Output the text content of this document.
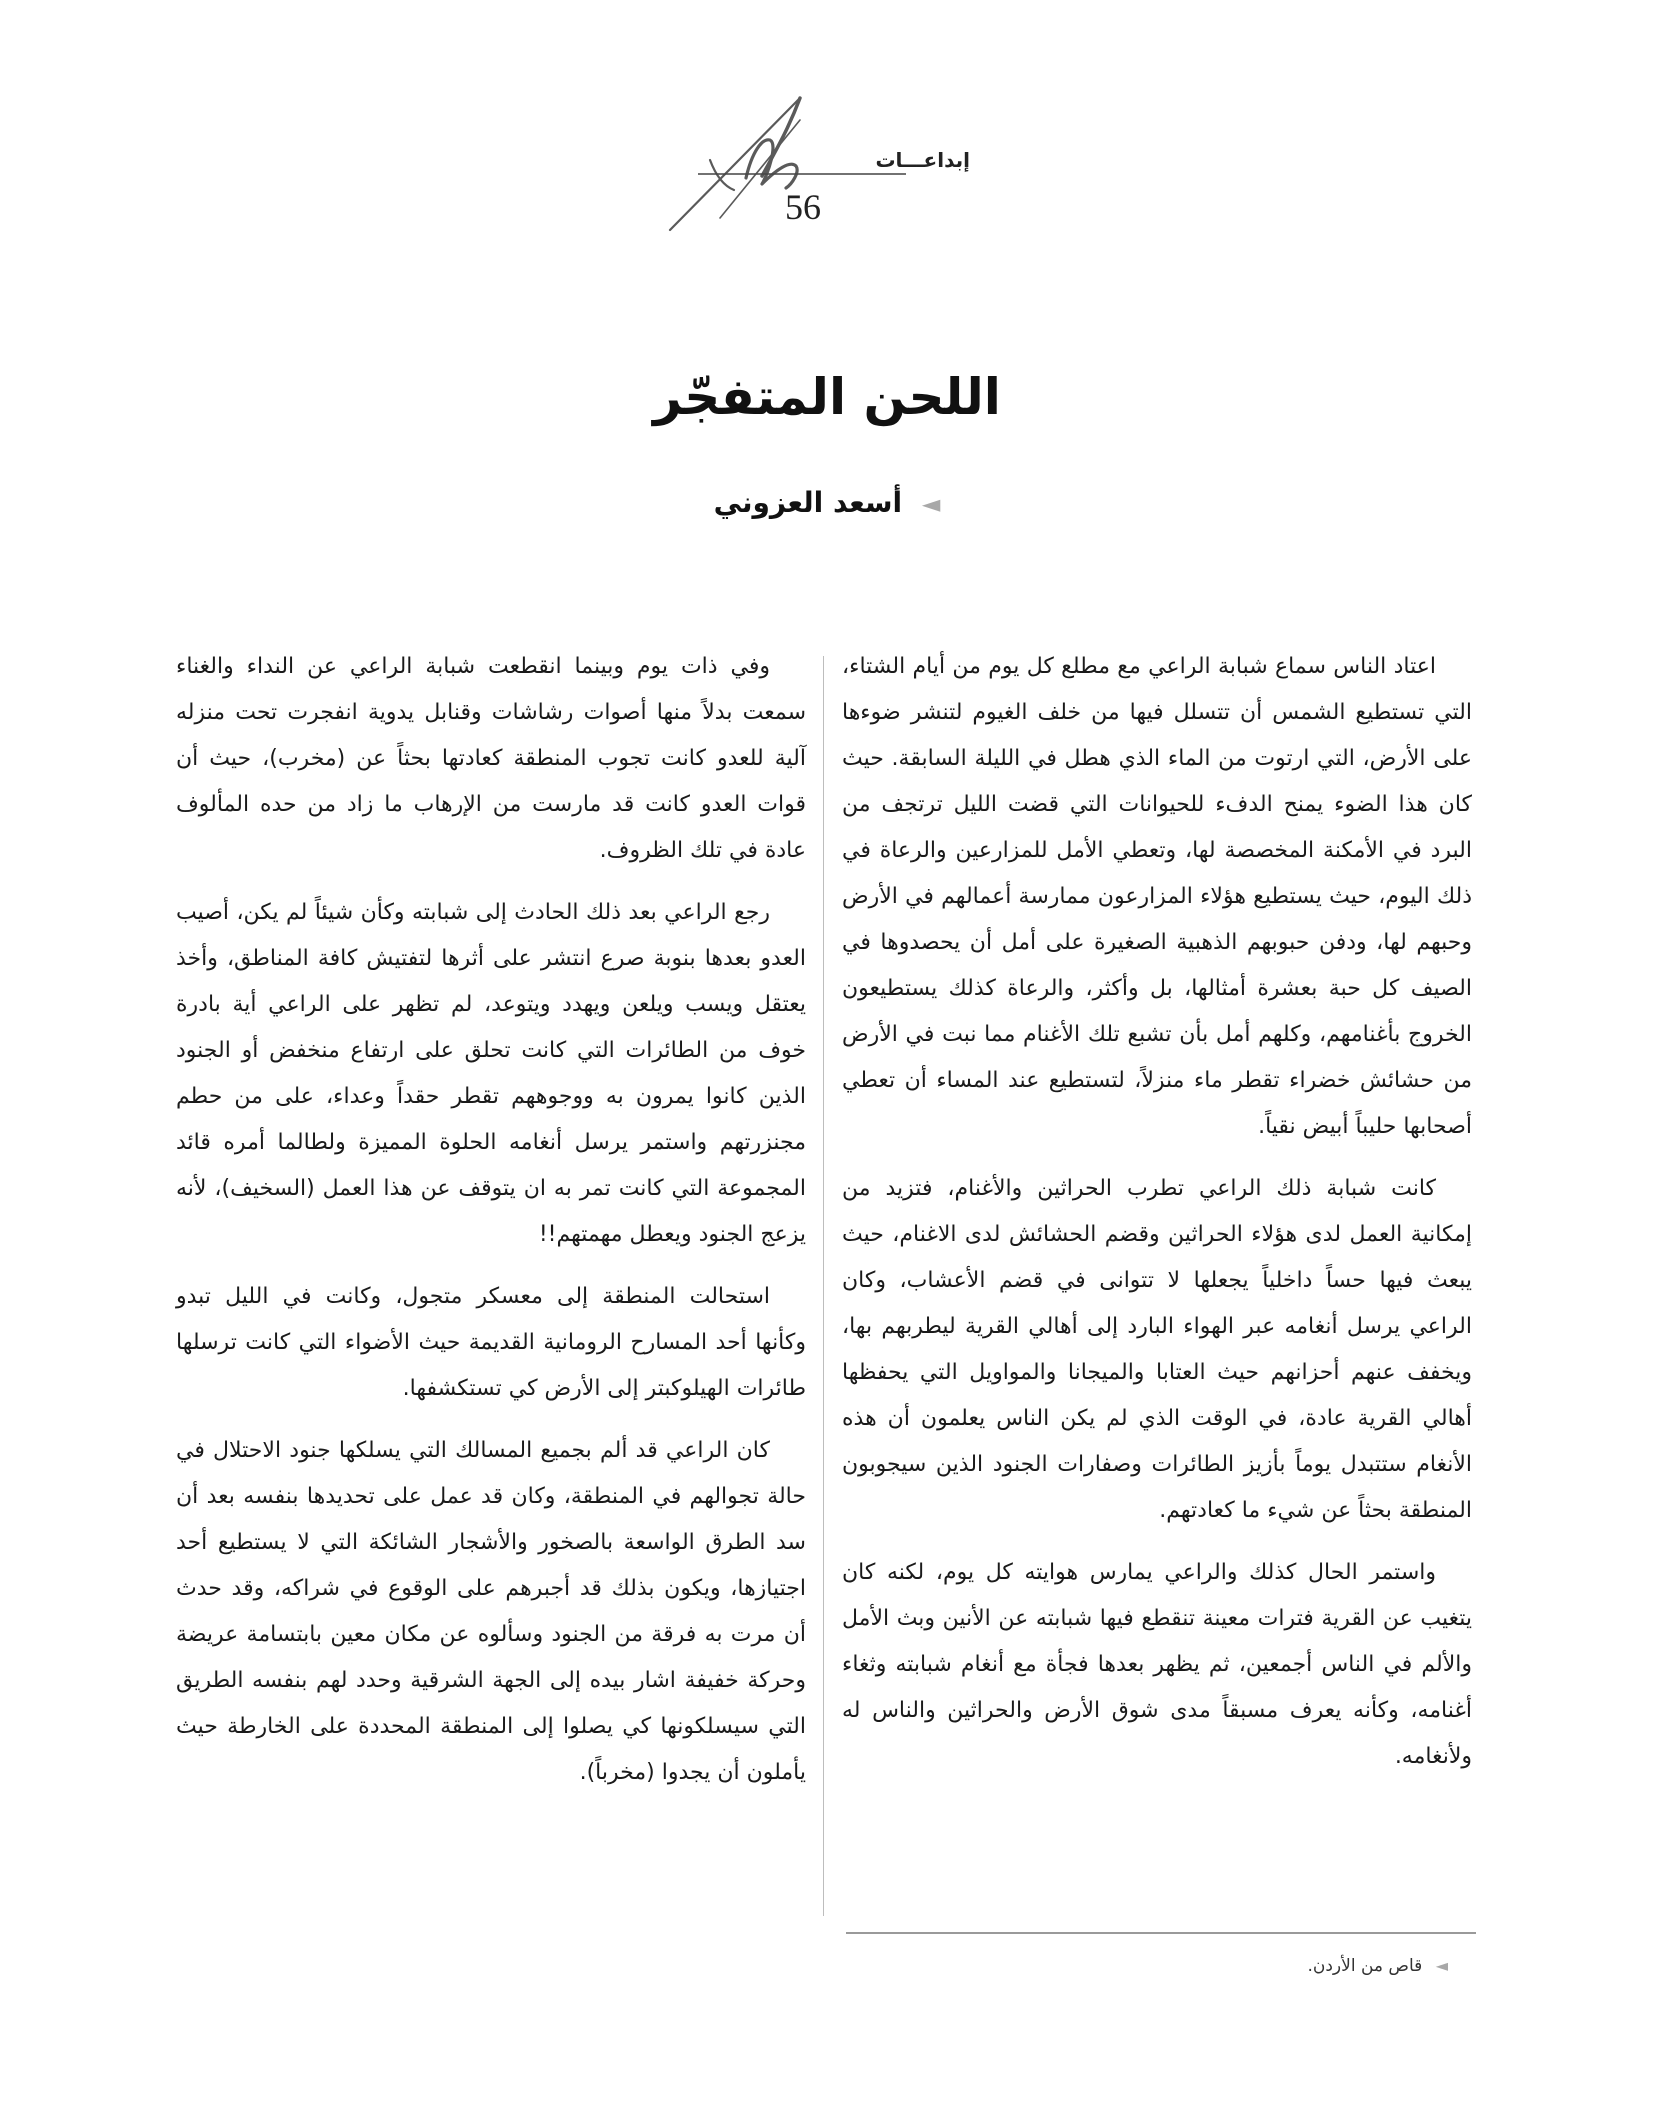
إبداعـــات
56
اللحن المتفجّر
◄ أسعد العزوني

اعتاد الناس سماع شبابة الراعي مع مطلع كل يوم من أيام الشتاء، التي تستطيع الشمس أن تتسلل فيها من خلف الغيوم لتنشر ضوءها على الأرض، التي ارتوت من الماء الذي هطل في الليلة السابقة. حيث كان هذا الضوء يمنح الدفء للحيوانات التي قضت الليل ترتجف من البرد في الأمكنة المخصصة لها، وتعطي الأمل للمزارعين والرعاة في ذلك اليوم، حيث يستطيع هؤلاء المزارعون ممارسة أعمالهم في الأرض وحبهم لها، ودفن حبوبهم الذهبية الصغيرة على أمل أن يحصدوها في الصيف كل حبة بعشرة أمثالها، بل وأكثر، والرعاة كذلك يستطيعون الخروج بأغنامهم، وكلهم أمل بأن تشبع تلك الأغنام مما نبت في الأرض من حشائش خضراء تقطر ماء منزلاً، لتستطيع عند المساء أن تعطي أصحابها حليباً أبيض نقياً.

كانت شبابة ذلك الراعي تطرب الحراثين والأغنام، فتزيد من إمكانية العمل لدى هؤلاء الحراثين وقضم الحشائش لدى الاغنام، حيث يبعث فيها حساً داخلياً يجعلها لا تتوانى في قضم الأعشاب، وكان الراعي يرسل أنغامه عبر الهواء البارد إلى أهالي القرية ليطربهم بها، ويخفف عنهم أحزانهم حيث العتابا والميجانا والمواويل التي يحفظها أهالي القرية عادة، في الوقت الذي لم يكن الناس يعلمون أن هذه الأنغام ستتبدل يوماً بأزيز الطائرات وصفارات الجنود الذين سيجوبون المنطقة بحثاً عن شيء ما كعادتهم.

واستمر الحال كذلك والراعي يمارس هوايته كل يوم، لكنه كان يتغيب عن القرية فترات معينة تنقطع فيها شبابته عن الأنين وبث الأمل والألم في الناس أجمعين، ثم يظهر بعدها فجأة مع أنغام شبابته وثغاء أغنامه، وكأنه يعرف مسبقاً مدى شوق الأرض والحراثين والناس له ولأنغامه.

وفي ذات يوم وبينما انقطعت شبابة الراعي عن النداء والغناء سمعت بدلاً منها أصوات رشاشات وقنابل يدوية انفجرت تحت منزله آلية للعدو كانت تجوب المنطقة كعادتها بحثاً عن (مخرب)، حيث أن قوات العدو كانت قد مارست من الإرهاب ما زاد من حده المألوف عادة في تلك الظروف.

رجع الراعي بعد ذلك الحادث إلى شبابته وكأن شيئاً لم يكن، أصيب العدو بعدها بنوبة صرع انتشر على أثرها لتفتيش كافة المناطق، وأخذ يعتقل ويسب ويلعن ويهدد ويتوعد، لم تظهر على الراعي أية بادرة خوف من الطائرات التي كانت تحلق على ارتفاع منخفض أو الجنود الذين كانوا يمرون به ووجوههم تقطر حقداً وعداء، على من حطم مجنزرتهم واستمر يرسل أنغامه الحلوة المميزة ولطالما أمره قائد المجموعة التي كانت تمر به ان يتوقف عن هذا العمل (السخيف)، لأنه يزعج الجنود ويعطل مهمتهم!!

استحالت المنطقة إلى معسكر متجول، وكانت في الليل تبدو وكأنها أحد المسارح الرومانية القديمة حيث الأضواء التي كانت ترسلها طائرات الهيلوكبتر إلى الأرض كي تستكشفها.

كان الراعي قد ألم بجميع المسالك التي يسلكها جنود الاحتلال في حالة تجوالهم في المنطقة، وكان قد عمل على تحديدها بنفسه بعد أن سد الطرق الواسعة بالصخور والأشجار الشائكة التي لا يستطيع أحد اجتيازها، ويكون بذلك قد أجبرهم على الوقوع في شراكه، وقد حدث أن مرت به فرقة من الجنود وسألوه عن مكان معين بابتسامة عريضة وحركة خفيفة اشار بيده إلى الجهة الشرقية وحدد لهم بنفسه الطريق التي سيسلكونها كي يصلوا إلى المنطقة المحددة على الخارطة حيث يأملون أن يجدوا (مخرباً).

◄ قاص من الأردن.
